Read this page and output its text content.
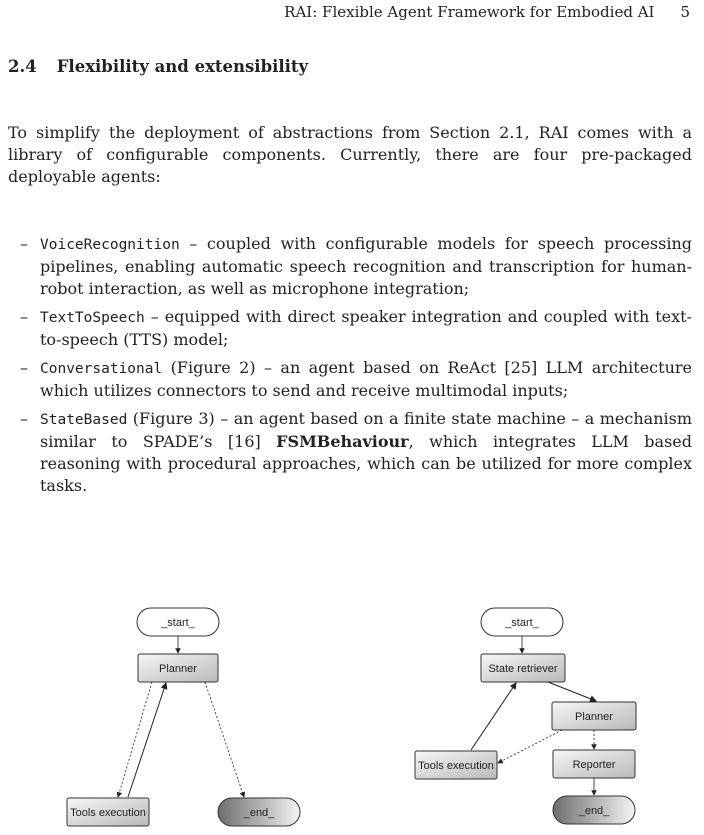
RAI: Flexible Agent Framework for Embodied AI 5
2.4 Flexibility and extensibility
To simplify the deployment of abstractions from Section 2.1, RAI comes with a library of configurable components. Currently, there are four pre-packaged deployable agents:
– VoiceRecognition – coupled with configurable models for speech processing pipelines, enabling automatic speech recognition and transcription for human-robot interaction, as well as microphone integration;
– TextToSpeech – equipped with direct speaker integration and coupled with text-to-speech (TTS) model;
– Conversational (Figure 2) – an agent based on ReAct [25] LLM architecture which utilizes connectors to send and receive multimodal inputs;
– StateBased (Figure 3) – an agent based on a finite state machine – a mechanism similar to SPADE’s [16] FSMBehaviour, which integrates LLM based reasoning with procedural approaches, which can be utilized for more complex tasks.
_start_
Planner
Tools execution	_end_
_start_
State retriever
Planner
Tools execution	Reporter
_end_
